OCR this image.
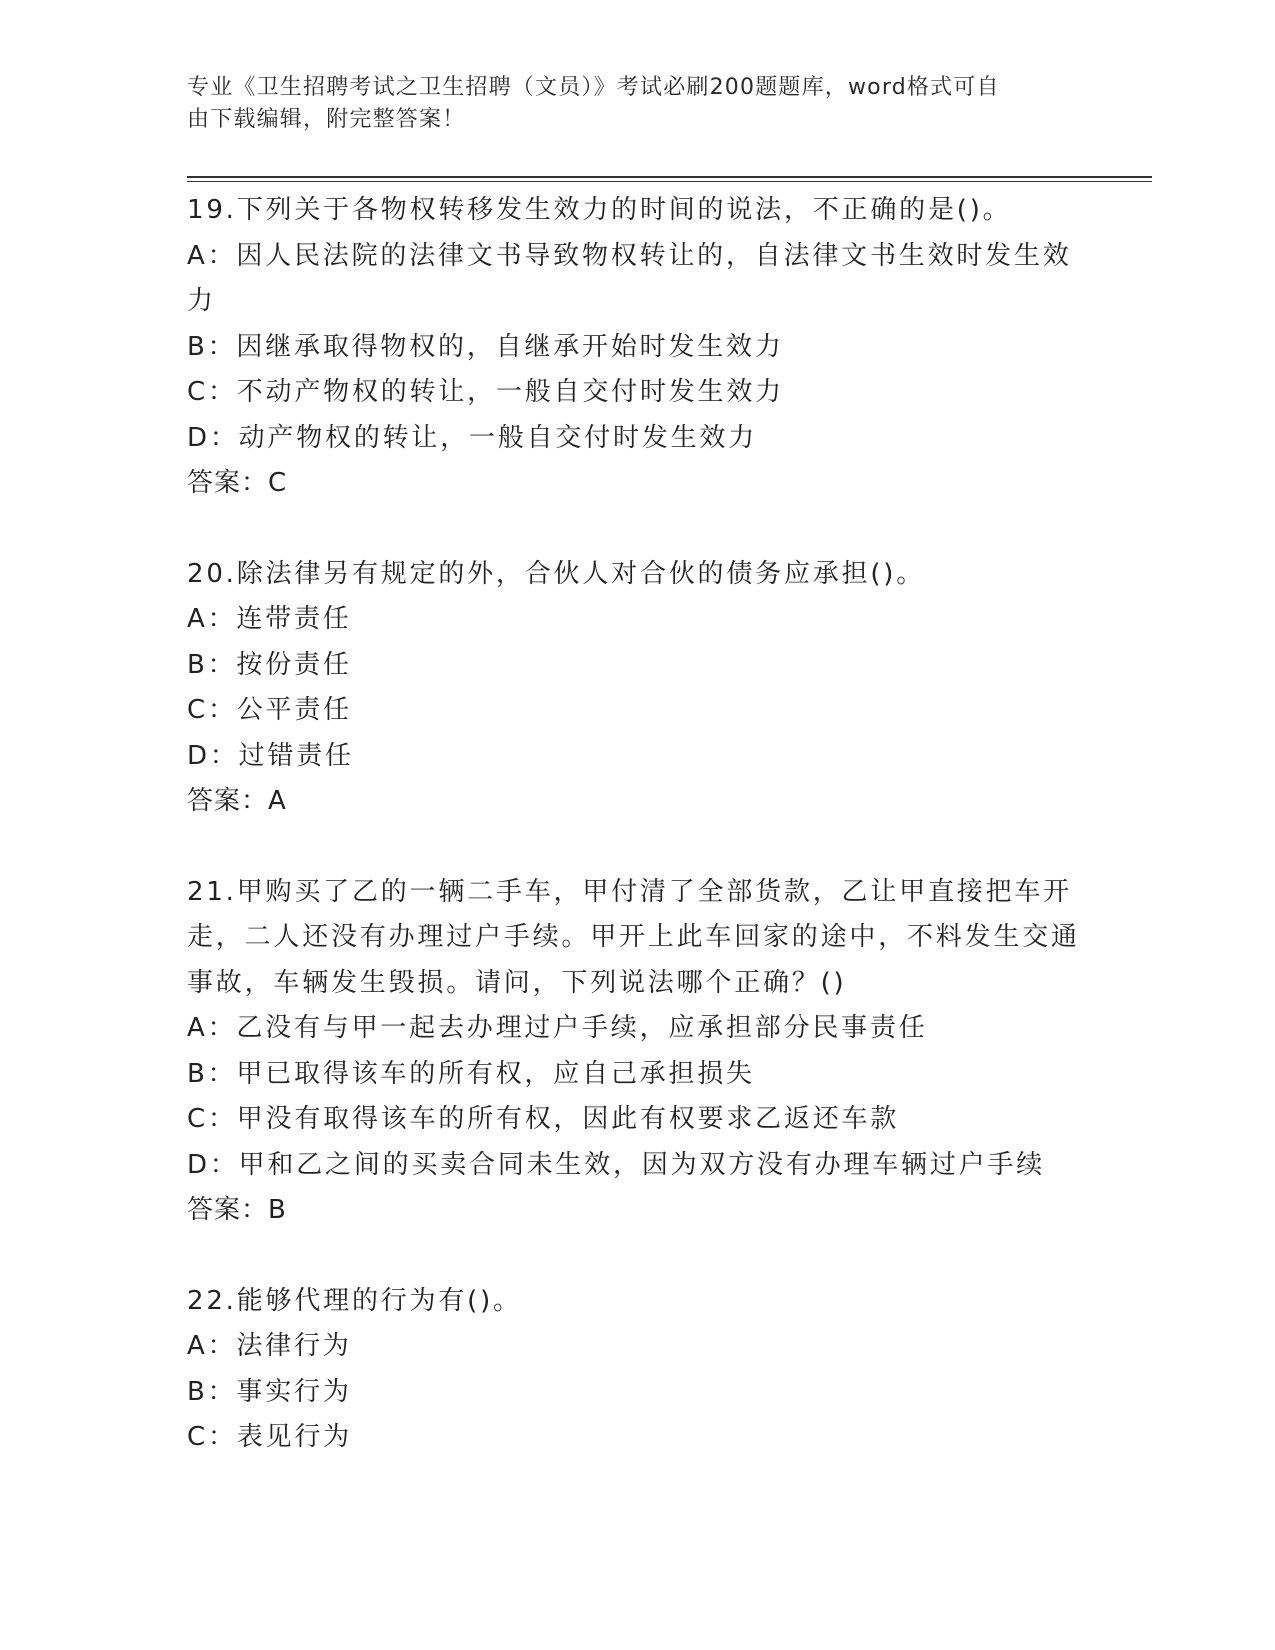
专业《卫生招聘考试之卫生招聘（文员）》考试必刷200题题库，word格式可自
由下载编辑，附完整答案！
19.下列关于各物权转移发生效力的时间的说法，不正确的是()。
A：因人民法院的法律文书导致物权转让的，自法律文书生效时发生效力
B：因继承取得物权的，自继承开始时发生效力
C：不动产物权的转让，一般自交付时发生效力
D：动产物权的转让，一般自交付时发生效力
答案：C
20.除法律另有规定的外，合伙人对合伙的债务应承担()。
A：连带责任
B：按份责任
C：公平责任
D：过错责任
答案：A
21.甲购买了乙的一辆二手车，甲付清了全部货款，乙让甲直接把车开走，二人还没有办理过户手续。甲开上此车回家的途中，不料发生交通事故，车辆发生毁损。请问，下列说法哪个正确？()
A：乙没有与甲一起去办理过户手续，应承担部分民事责任
B：甲已取得该车的所有权，应自己承担损失
C：甲没有取得该车的所有权，因此有权要求乙返还车款
D：甲和乙之间的买卖合同未生效，因为双方没有办理车辆过户手续
答案：B
22.能够代理的行为有()。
A：法律行为
B：事实行为
C：表见行为
